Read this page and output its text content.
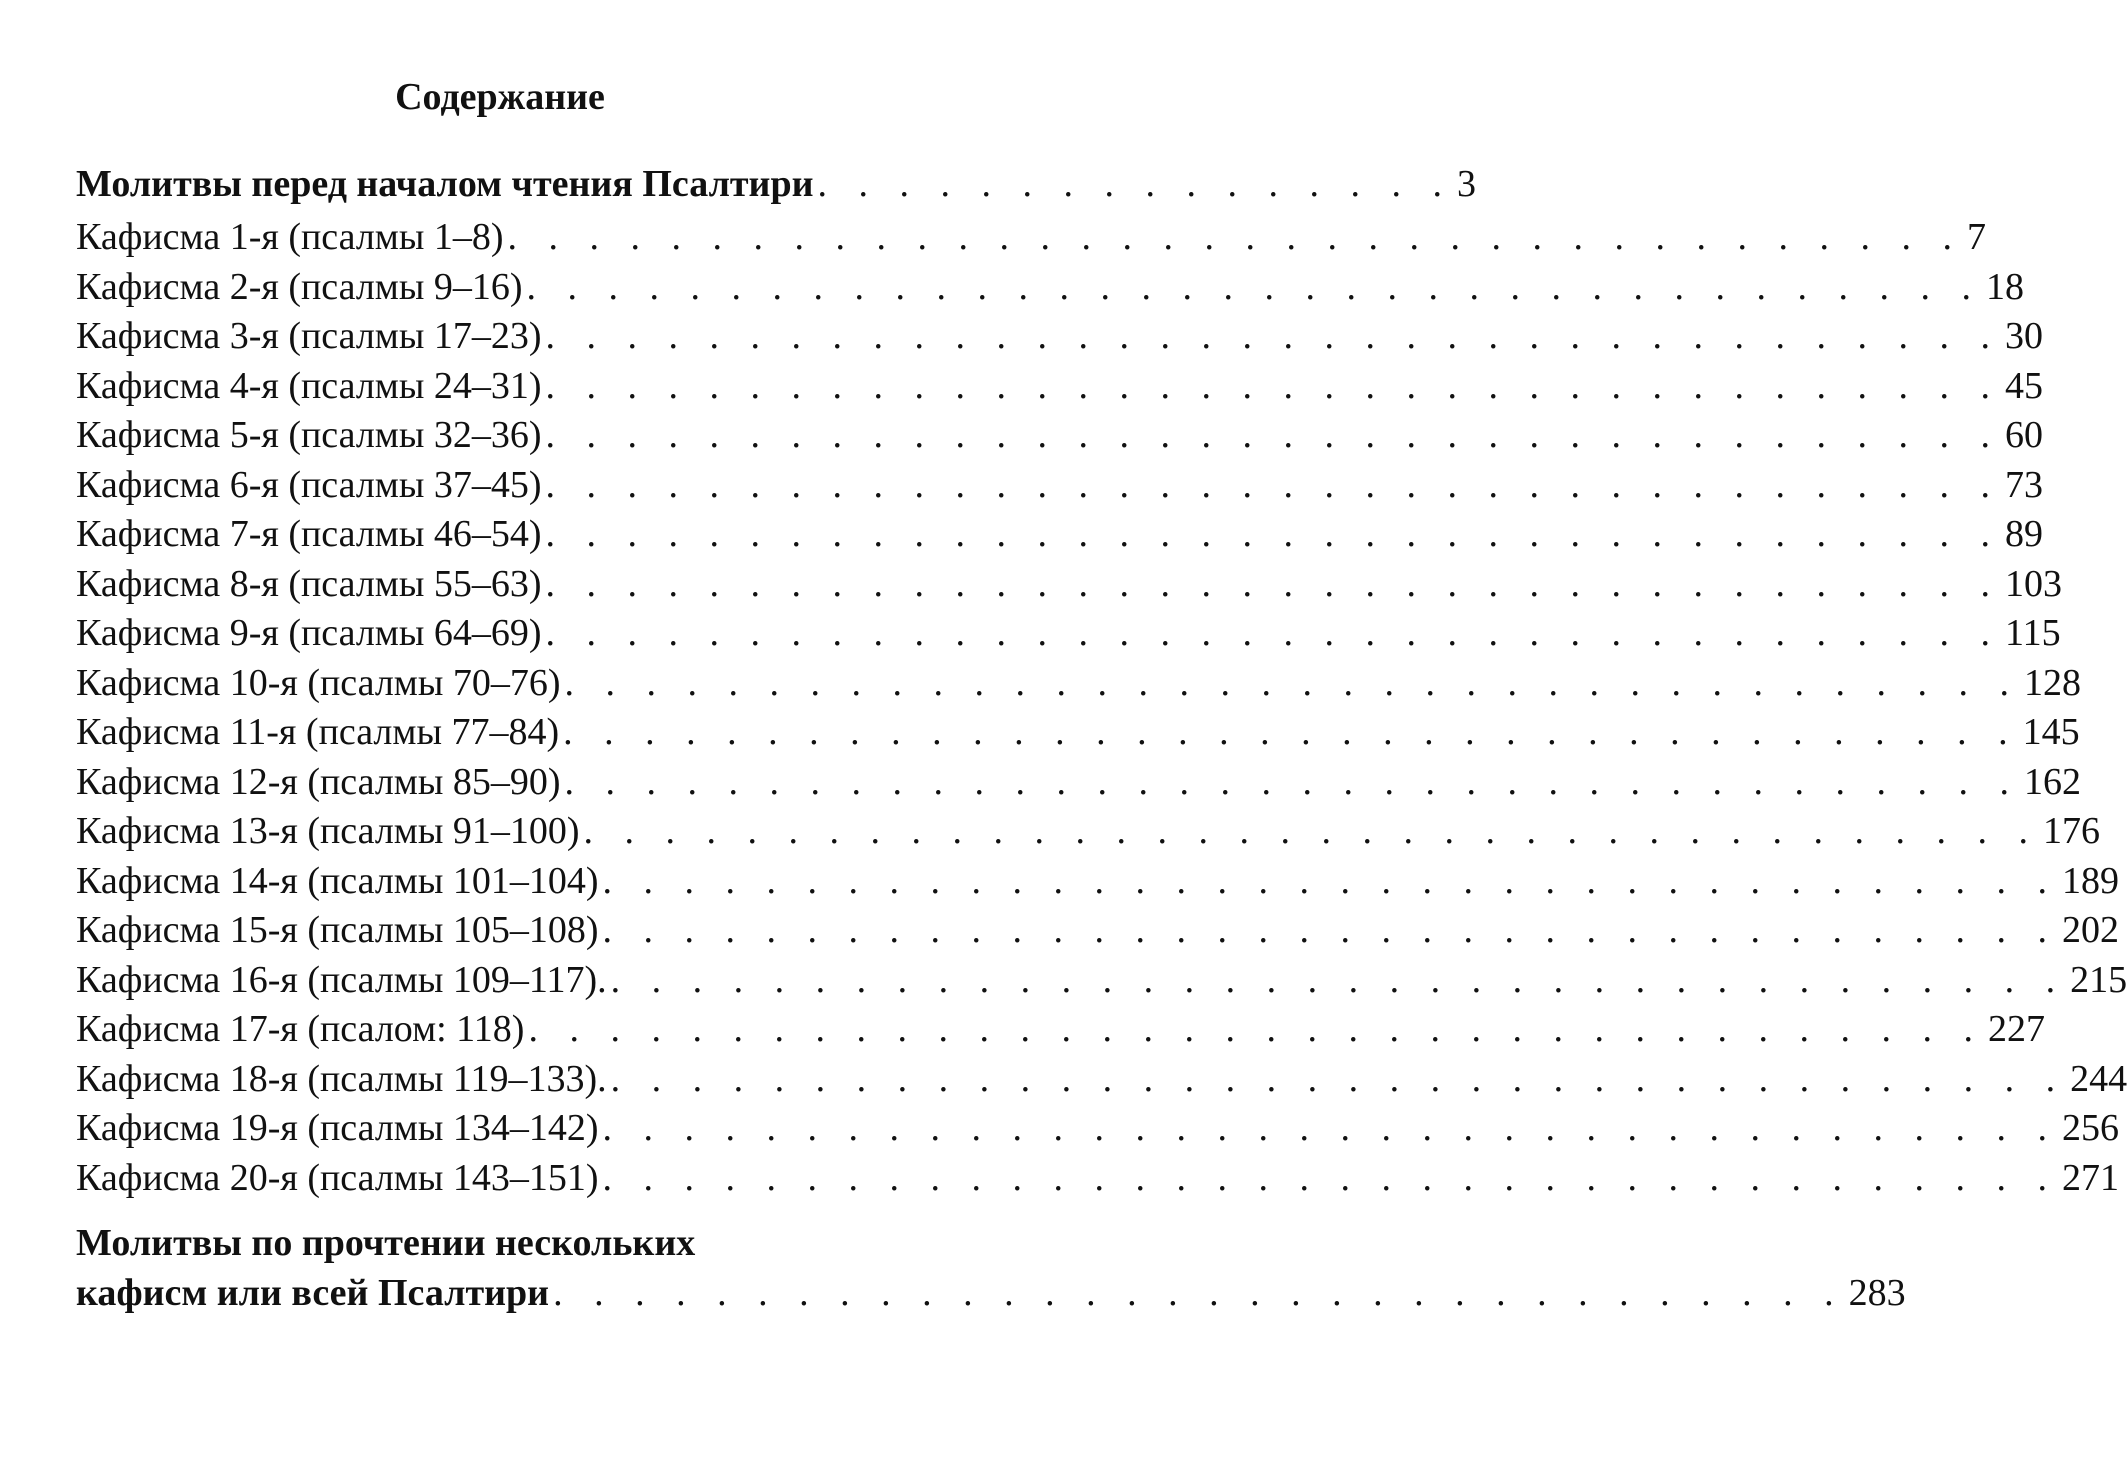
Содержание
Молитвы перед началом чтения Псалтири . . . . . . . . . . . . . . . . 3
Кафисма 1-я (псалмы 1–8) . . . . . . . . . . . . . . . . . . . . . . . . . . . . . . . . . . . . 7
Кафисма 2-я (псалмы 9–16) . . . . . . . . . . . . . . . . . . . . . . . . . . . . . . . . . . . . 18
Кафисма 3-я (псалмы 17–23) . . . . . . . . . . . . . . . . . . . . . . . . . . . . . . . . . . . . 30
Кафисма 4-я (псалмы 24–31) . . . . . . . . . . . . . . . . . . . . . . . . . . . . . . . . . . . . 45
Кафисма 5-я (псалмы 32–36) . . . . . . . . . . . . . . . . . . . . . . . . . . . . . . . . . . . . 60
Кафисма 6-я (псалмы 37–45) . . . . . . . . . . . . . . . . . . . . . . . . . . . . . . . . . . . . 73
Кафисма 7-я (псалмы 46–54) . . . . . . . . . . . . . . . . . . . . . . . . . . . . . . . . . . . . 89
Кафисма 8-я (псалмы 55–63) . . . . . . . . . . . . . . . . . . . . . . . . . . . . . . . . . . . . 103
Кафисма 9-я (псалмы 64–69) . . . . . . . . . . . . . . . . . . . . . . . . . . . . . . . . . . . . 115
Кафисма 10-я (псалмы 70–76) . . . . . . . . . . . . . . . . . . . . . . . . . . . . . . . . . . . . 128
Кафисма 11-я (псалмы 77–84) . . . . . . . . . . . . . . . . . . . . . . . . . . . . . . . . . . . . 145
Кафисма 12-я (псалмы 85–90) . . . . . . . . . . . . . . . . . . . . . . . . . . . . . . . . . . . . 162
Кафисма 13-я (псалмы 91–100) . . . . . . . . . . . . . . . . . . . . . . . . . . . . . . . . . . . . 176
Кафисма 14-я (псалмы 101–104) . . . . . . . . . . . . . . . . . . . . . . . . . . . . . . . . . . . . 189
Кафисма 15-я (псалмы 105–108) . . . . . . . . . . . . . . . . . . . . . . . . . . . . . . . . . . . . 202
Кафисма 16-я (псалмы 109–117). . . . . . . . . . . . . . . . . . . . . . . . . . . . . . . . . . . . . 215
Кафисма 17-я (псалом: 118) . . . . . . . . . . . . . . . . . . . . . . . . . . . . . . . . . . . . 227
Кафисма 18-я (псалмы 119–133). . . . . . . . . . . . . . . . . . . . . . . . . . . . . . . . . . . . . 244
Кафисма 19-я (псалмы 134–142) . . . . . . . . . . . . . . . . . . . . . . . . . . . . . . . . . . . . 256
Кафисма 20-я (псалмы 143–151) . . . . . . . . . . . . . . . . . . . . . . . . . . . . . . . . . . . . 271
Молитвы по прочтении нескольких
кафисм или всей Псалтири . . . . . . . . . . . . . . . . . . . . . . . . . . . . . . . . 283
